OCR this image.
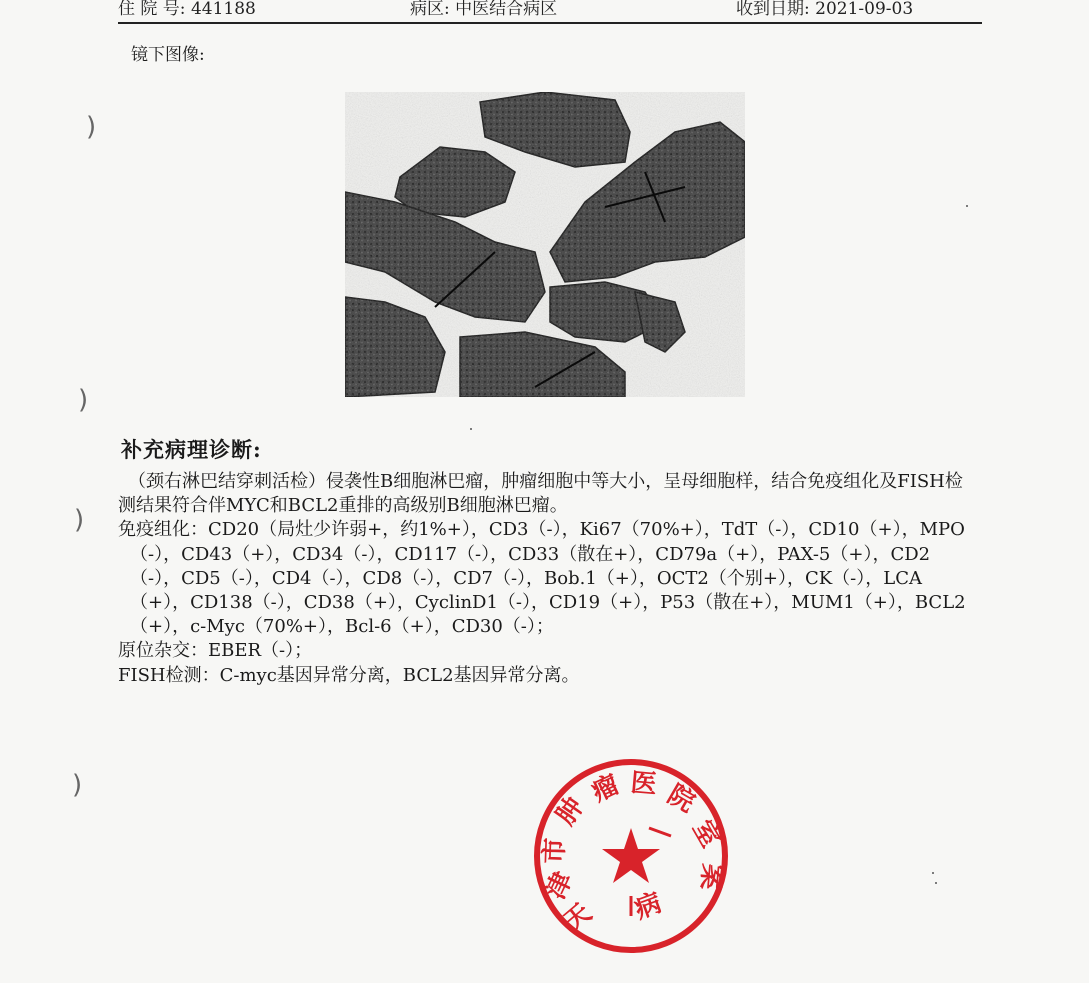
住 院 号: 441188	病区: 中医结合病区	收到日期: 2021-09-03
镜下图像:
补充病理诊断:

（颈右淋巴结穿刺活检）侵袭性B细胞淋巴瘤，肿瘤细胞中等大小，呈母细胞样，结合免疫组化及FISH检测结果符合伴MYC和BCL2重排的高级别B细胞淋巴瘤。

免疫组化：CD20（局灶少许弱+，约1%+），CD3（-），Ki67（70%+），TdT（-），CD10（+），MPO（-），CD43（+），CD34（-），CD117（-），CD33（散在+），CD79a（+），PAX-5（+），CD2（-），CD5（-），CD4（-），CD8（-），CD7（-），Bob.1（+），OCT2（个别+），CK（-），LCA（+），CD138（-），CD38（+），CyclinD1（-），CD19（+），P53（散在+），MUM1（+），BCL2（+），c-Myc（70%+），Bcl-6（+），CD30（-）；

原位杂交：EBER（-）；

FISH检测：C-myc基因异常分离，BCL2基因异常分离。

)
)
)
)
天
津
市
肿
瘤 医 院
室
案
病
